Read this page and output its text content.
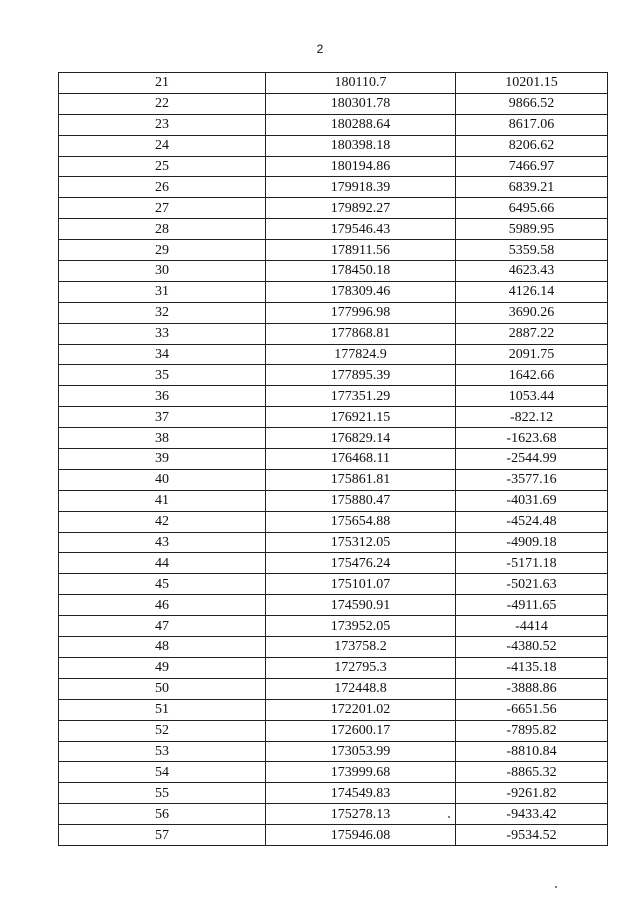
2
21	180110.7	10201.15
22	180301.78	9866.52
23	180288.64	8617.06
24	180398.18	8206.62
25	180194.86	7466.97
26	179918.39	6839.21
27	179892.27	6495.66
28	179546.43	5989.95
29	178911.56	5359.58
30	178450.18	4623.43
31	178309.46	4126.14
32	177996.98	3690.26
33	177868.81	2887.22
34	177824.9	2091.75
35	177895.39	1642.66
36	177351.29	1053.44
37	176921.15	-822.12
38	176829.14	-1623.68
39	176468.11	-2544.99
40	175861.81	-3577.16
41	175880.47	-4031.69
42	175654.88	-4524.48
43	175312.05	-4909.18
44	175476.24	-5171.18
45	175101.07	-5021.63
46	174590.91	-4911.65
47	173952.05	-4414
48	173758.2	-4380.52
49	172795.3	-4135.18
50	172448.8	-3888.86
51	172201.02	-6651.56
52	172600.17	-7895.82
53	173053.99	-8810.84
54	173999.68	-8865.32
55	174549.83	-9261.82
56	175278.13	-9433.42
57	175946.08	-9534.52
